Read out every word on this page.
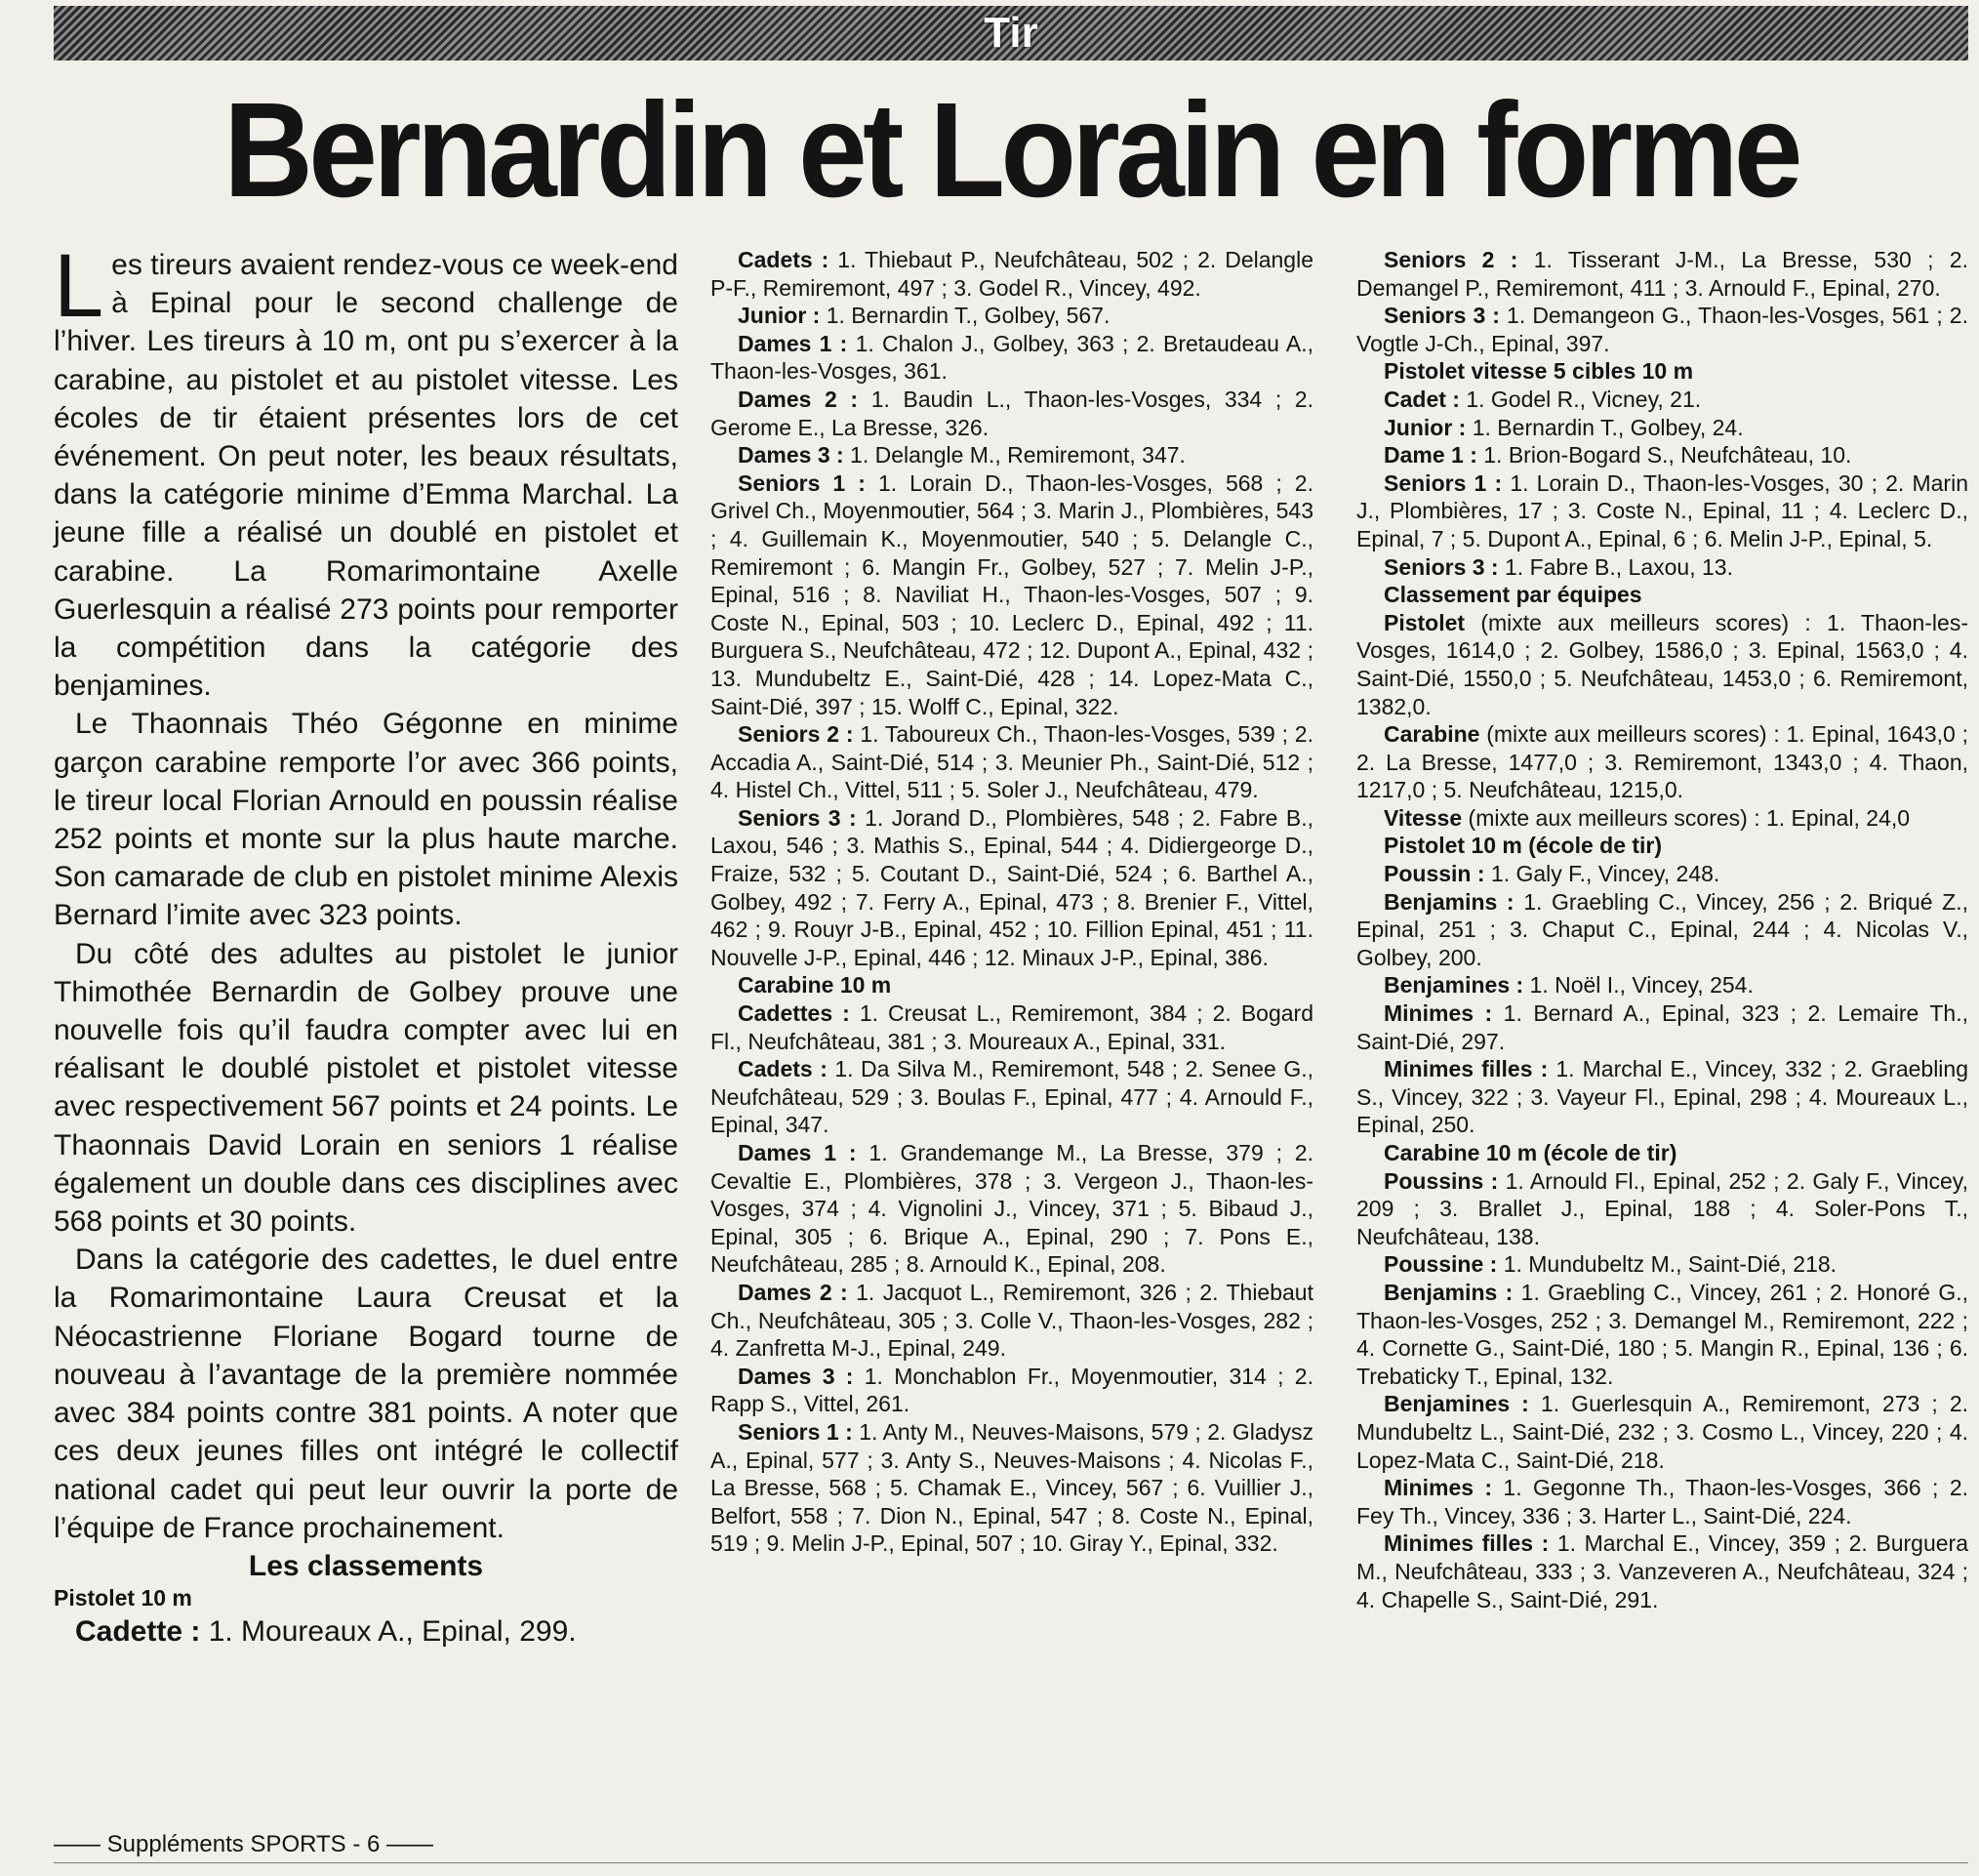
Tir
Bernardin et Lorain en forme

Les tireurs avaient rendez-vous ce week-end à Epinal pour le second challenge de l’hiver. Les tireurs à 10 m, ont pu s’exercer à la carabine, au pistolet et au pistolet vitesse. Les écoles de tir étaient présentes lors de cet événement. On peut noter, les beaux résultats, dans la catégorie minime d’Emma Marchal. La jeune fille a réalisé un doublé en pistolet et carabine. La Romarimontaine Axelle Guerlesquin a réalisé 273 points pour remporter la compétition dans la catégorie des benjamines.

Le Thaonnais Théo Gégonne en minime garçon carabine remporte l’or avec 366 points, le tireur local Florian Arnould en poussin réalise 252 points et monte sur la plus haute marche. Son camarade de club en pistolet minime Alexis Bernard l’imite avec 323 points.

Du côté des adultes au pistolet le junior Thimothée Bernardin de Golbey prouve une nouvelle fois qu’il faudra compter avec lui en réalisant le doublé pistolet et pistolet vitesse avec respectivement 567 points et 24 points. Le Thaonnais David Lorain en seniors 1 réalise également un double dans ces disciplines avec 568 points et 30 points.

Dans la catégorie des cadettes, le duel entre la Romarimontaine Laura Creusat et la Néocastrienne Floriane Bogard tourne de nouveau à l’avantage de la première nommée avec 384 points contre 381 points. A noter que ces deux jeunes filles ont intégré le collectif national cadet qui peut leur ouvrir la porte de l’équipe de France prochainement.

Les classements
Pistolet 10 m

Cadette : 1. Moureaux A., Epinal, 299.

Cadets : 1. Thiebaut P., Neufchâteau, 502 ; 2. Delangle P-F., Remiremont, 497 ; 3. Godel R., Vincey, 492.

Junior : 1. Bernardin T., Golbey, 567.

Dames 1 : 1. Chalon J., Golbey, 363 ; 2. Bretaudeau A., Thaon-les-Vosges, 361.

Dames 2 : 1. Baudin L., Thaon-les-Vosges, 334 ; 2. Gerome E., La Bresse, 326.

Dames 3 : 1. Delangle M., Remiremont, 347.

Seniors 1 : 1. Lorain D., Thaon-les-Vosges, 568 ; 2. Grivel Ch., Moyenmoutier, 564 ; 3. Marin J., Plombières, 543 ; 4. Guillemain K., Moyenmoutier, 540 ; 5. Delangle C., Remiremont ; 6. Mangin Fr., Golbey, 527 ; 7. Melin J-P., Epinal, 516 ; 8. Naviliat H., Thaon-les-Vosges, 507 ; 9. Coste N., Epinal, 503 ; 10. Leclerc D., Epinal, 492 ; 11. Burguera S., Neufchâteau, 472 ; 12. Dupont A., Epinal, 432 ; 13. Mundubeltz E., Saint-Dié, 428 ; 14. Lopez-Mata C., Saint-Dié, 397 ; 15. Wolff C., Epinal, 322.

Seniors 2 : 1. Taboureux Ch., Thaon-les-Vosges, 539 ; 2. Accadia A., Saint-Dié, 514 ; 3. Meunier Ph., Saint-Dié, 512 ; 4. Histel Ch., Vittel, 511 ; 5. Soler J., Neufchâteau, 479.

Seniors 3 : 1. Jorand D., Plombières, 548 ; 2. Fabre B., Laxou, 546 ; 3. Mathis S., Epinal, 544 ; 4. Didiergeorge D., Fraize, 532 ; 5. Coutant D., Saint-Dié, 524 ; 6. Barthel A., Golbey, 492 ; 7. Ferry A., Epinal, 473 ; 8. Brenier F., Vittel, 462 ; 9. Rouyr J-B., Epinal, 452 ; 10. Fillion Epinal, 451 ; 11. Nouvelle J-P., Epinal, 446 ; 12. Minaux J-P., Epinal, 386.

Carabine 10 m

Cadettes : 1. Creusat L., Remiremont, 384 ; 2. Bogard Fl., Neufchâteau, 381 ; 3. Moureaux A., Epinal, 331.

Cadets : 1. Da Silva M., Remiremont, 548 ; 2. Senee G., Neufchâteau, 529 ; 3. Boulas F., Epinal, 477 ; 4. Arnould F., Epinal, 347.

Dames 1 : 1. Grandemange M., La Bresse, 379 ; 2. Cevaltie E., Plombières, 378 ; 3. Vergeon J., Thaon-les-Vosges, 374 ; 4. Vignolini J., Vincey, 371 ; 5. Bibaud J., Epinal, 305 ; 6. Brique A., Epinal, 290 ; 7. Pons E., Neufchâteau, 285 ; 8. Arnould K., Epinal, 208.

Dames 2 : 1. Jacquot L., Remiremont, 326 ; 2. Thiebaut Ch., Neufchâteau, 305 ; 3. Colle V., Thaon-les-Vosges, 282 ; 4. Zanfretta M-J., Epinal, 249.

Dames 3 : 1. Monchablon Fr., Moyenmoutier, 314 ; 2. Rapp S., Vittel, 261.

Seniors 1 : 1. Anty M., Neuves-Maisons, 579 ; 2. Gladysz A., Epinal, 577 ; 3. Anty S., Neuves-Maisons ; 4. Nicolas F., La Bresse, 568 ; 5. Chamak E., Vincey, 567 ; 6. Vuillier J., Belfort, 558 ; 7. Dion N., Epinal, 547 ; 8. Coste N., Epinal, 519 ; 9. Melin J-P., Epinal, 507 ; 10. Giray Y., Epinal, 332.

Seniors 2 : 1. Tisserant J-M., La Bresse, 530 ; 2. Demangel P., Remiremont, 411 ; 3. Arnould F., Epinal, 270.

Seniors 3 : 1. Demangeon G., Thaon-les-Vosges, 561 ; 2. Vogtle J-Ch., Epinal, 397.

Pistolet vitesse 5 cibles 10 m

Cadet : 1. Godel R., Vicney, 21.

Junior : 1. Bernardin T., Golbey, 24.

Dame 1 : 1. Brion-Bogard S., Neufchâteau, 10.

Seniors 1 : 1. Lorain D., Thaon-les-Vosges, 30 ; 2. Marin J., Plombières, 17 ; 3. Coste N., Epinal, 11 ; 4. Leclerc D., Epinal, 7 ; 5. Dupont A., Epinal, 6 ; 6. Melin J-P., Epinal, 5.

Seniors 3 : 1. Fabre B., Laxou, 13.

Classement par équipes

Pistolet (mixte aux meilleurs scores) : 1. Thaon-les-Vosges, 1614,0 ; 2. Golbey, 1586,0 ; 3. Epinal, 1563,0 ; 4. Saint-Dié, 1550,0 ; 5. Neufchâteau, 1453,0 ; 6. Remiremont, 1382,0.

Carabine (mixte aux meilleurs scores) : 1. Epinal, 1643,0 ; 2. La Bresse, 1477,0 ; 3. Remiremont, 1343,0 ; 4. Thaon, 1217,0 ; 5. Neufchâteau, 1215,0.

Vitesse (mixte aux meilleurs scores) : 1. Epinal, 24,0

Pistolet 10 m (école de tir)

Poussin : 1. Galy F., Vincey, 248.

Benjamins : 1. Graebling C., Vincey, 256 ; 2. Briqué Z., Epinal, 251 ; 3. Chaput C., Epinal, 244 ; 4. Nicolas V., Golbey, 200.

Benjamines : 1. Noël I., Vincey, 254.

Minimes : 1. Bernard A., Epinal, 323 ; 2. Lemaire Th., Saint-Dié, 297.

Minimes filles : 1. Marchal E., Vincey, 332 ; 2. Graebling S., Vincey, 322 ; 3. Vayeur Fl., Epinal, 298 ; 4. Moureaux L., Epinal, 250.

Carabine 10 m (école de tir)

Poussins : 1. Arnould Fl., Epinal, 252 ; 2. Galy F., Vincey, 209 ; 3. Brallet J., Epinal, 188 ; 4. Soler-Pons T., Neufchâteau, 138.

Poussine : 1. Mundubeltz M., Saint-Dié, 218.

Benjamins : 1. Graebling C., Vincey, 261 ; 2. Honoré G., Thaon-les-Vosges, 252 ; 3. Demangel M., Remiremont, 222 ; 4. Cornette G., Saint-Dié, 180 ; 5. Mangin R., Epinal, 136 ; 6. Trebaticky T., Epinal, 132.

Benjamines : 1. Guerlesquin A., Remiremont, 273 ; 2. Mundubeltz L., Saint-Dié, 232 ; 3. Cosmo L., Vincey, 220 ; 4. Lopez-Mata C., Saint-Dié, 218.

Minimes : 1. Gegonne Th., Thaon-les-Vosges, 366 ; 2. Fey Th., Vincey, 336 ; 3. Harter L., Saint-Dié, 224.

Minimes filles : 1. Marchal E., Vincey, 359 ; 2. Burguera M., Neufchâteau, 333 ; 3. Vanzeveren A., Neufchâteau, 324 ; 4. Chapelle S., Saint-Dié, 291.

—— Suppléments SPORTS - 6 ——
